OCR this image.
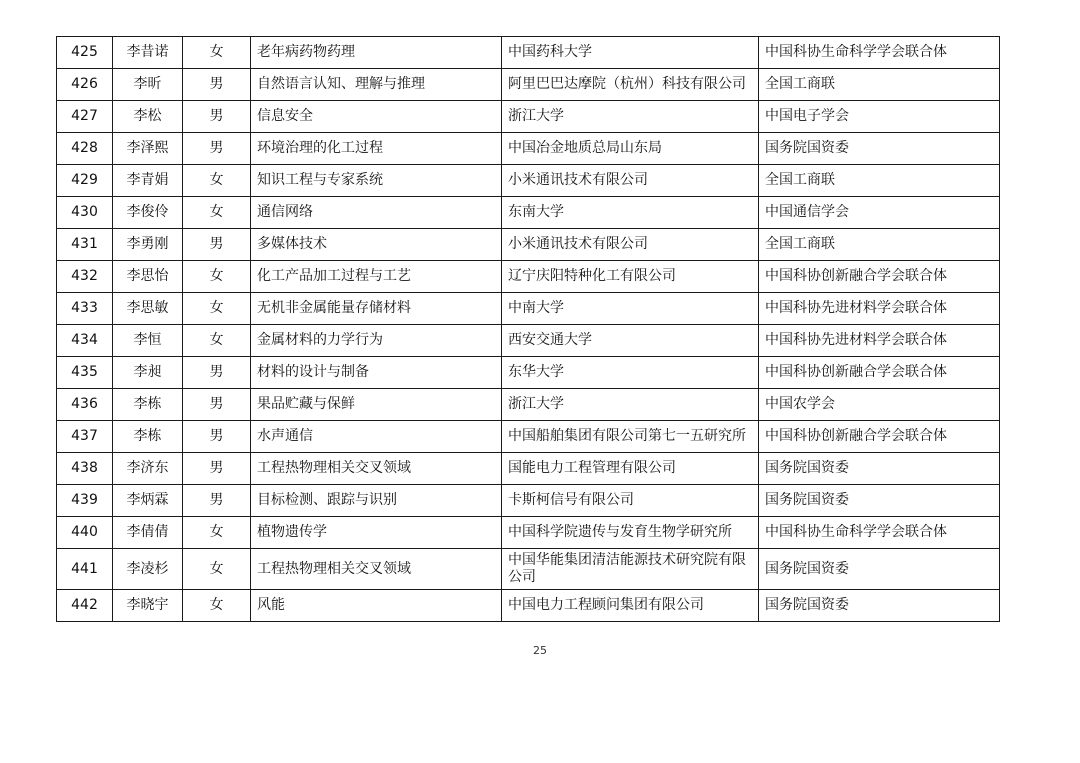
425	李昔诺	女	老年病药物药理	中国药科大学	中国科协生命科学学会联合体
426	李昕	男	自然语言认知、理解与推理	阿里巴巴达摩院（杭州）科技有限公司	全国工商联
427	李松	男	信息安全	浙江大学	中国电子学会
428	李泽熙	男	环境治理的化工过程	中国冶金地质总局山东局	国务院国资委
429	李青娟	女	知识工程与专家系统	小米通讯技术有限公司	全国工商联
430	李俊伶	女	通信网络	东南大学	中国通信学会
431	李勇刚	男	多媒体技术	小米通讯技术有限公司	全国工商联
432	李思怡	女	化工产品加工过程与工艺	辽宁庆阳特种化工有限公司	中国科协创新融合学会联合体
433	李思敏	女	无机非金属能量存储材料	中南大学	中国科协先进材料学会联合体
434	李恒	女	金属材料的力学行为	西安交通大学	中国科协先进材料学会联合体
435	李昶	男	材料的设计与制备	东华大学	中国科协创新融合学会联合体
436	李栋	男	果品贮藏与保鲜	浙江大学	中国农学会
437	李栋	男	水声通信	中国船舶集团有限公司第七一五研究所	中国科协创新融合学会联合体
438	李济东	男	工程热物理相关交叉领域	国能电力工程管理有限公司	国务院国资委
439	李炳霖	男	目标检测、跟踪与识别	卡斯柯信号有限公司	国务院国资委
440	李倩倩	女	植物遗传学	中国科学院遗传与发育生物学研究所	中国科协生命科学学会联合体
441	李凌杉	女	工程热物理相关交叉领域	中国华能集团清洁能源技术研究院有限公司	国务院国资委
442	李晓宇	女	风能	中国电力工程顾问集团有限公司	国务院国资委
25
